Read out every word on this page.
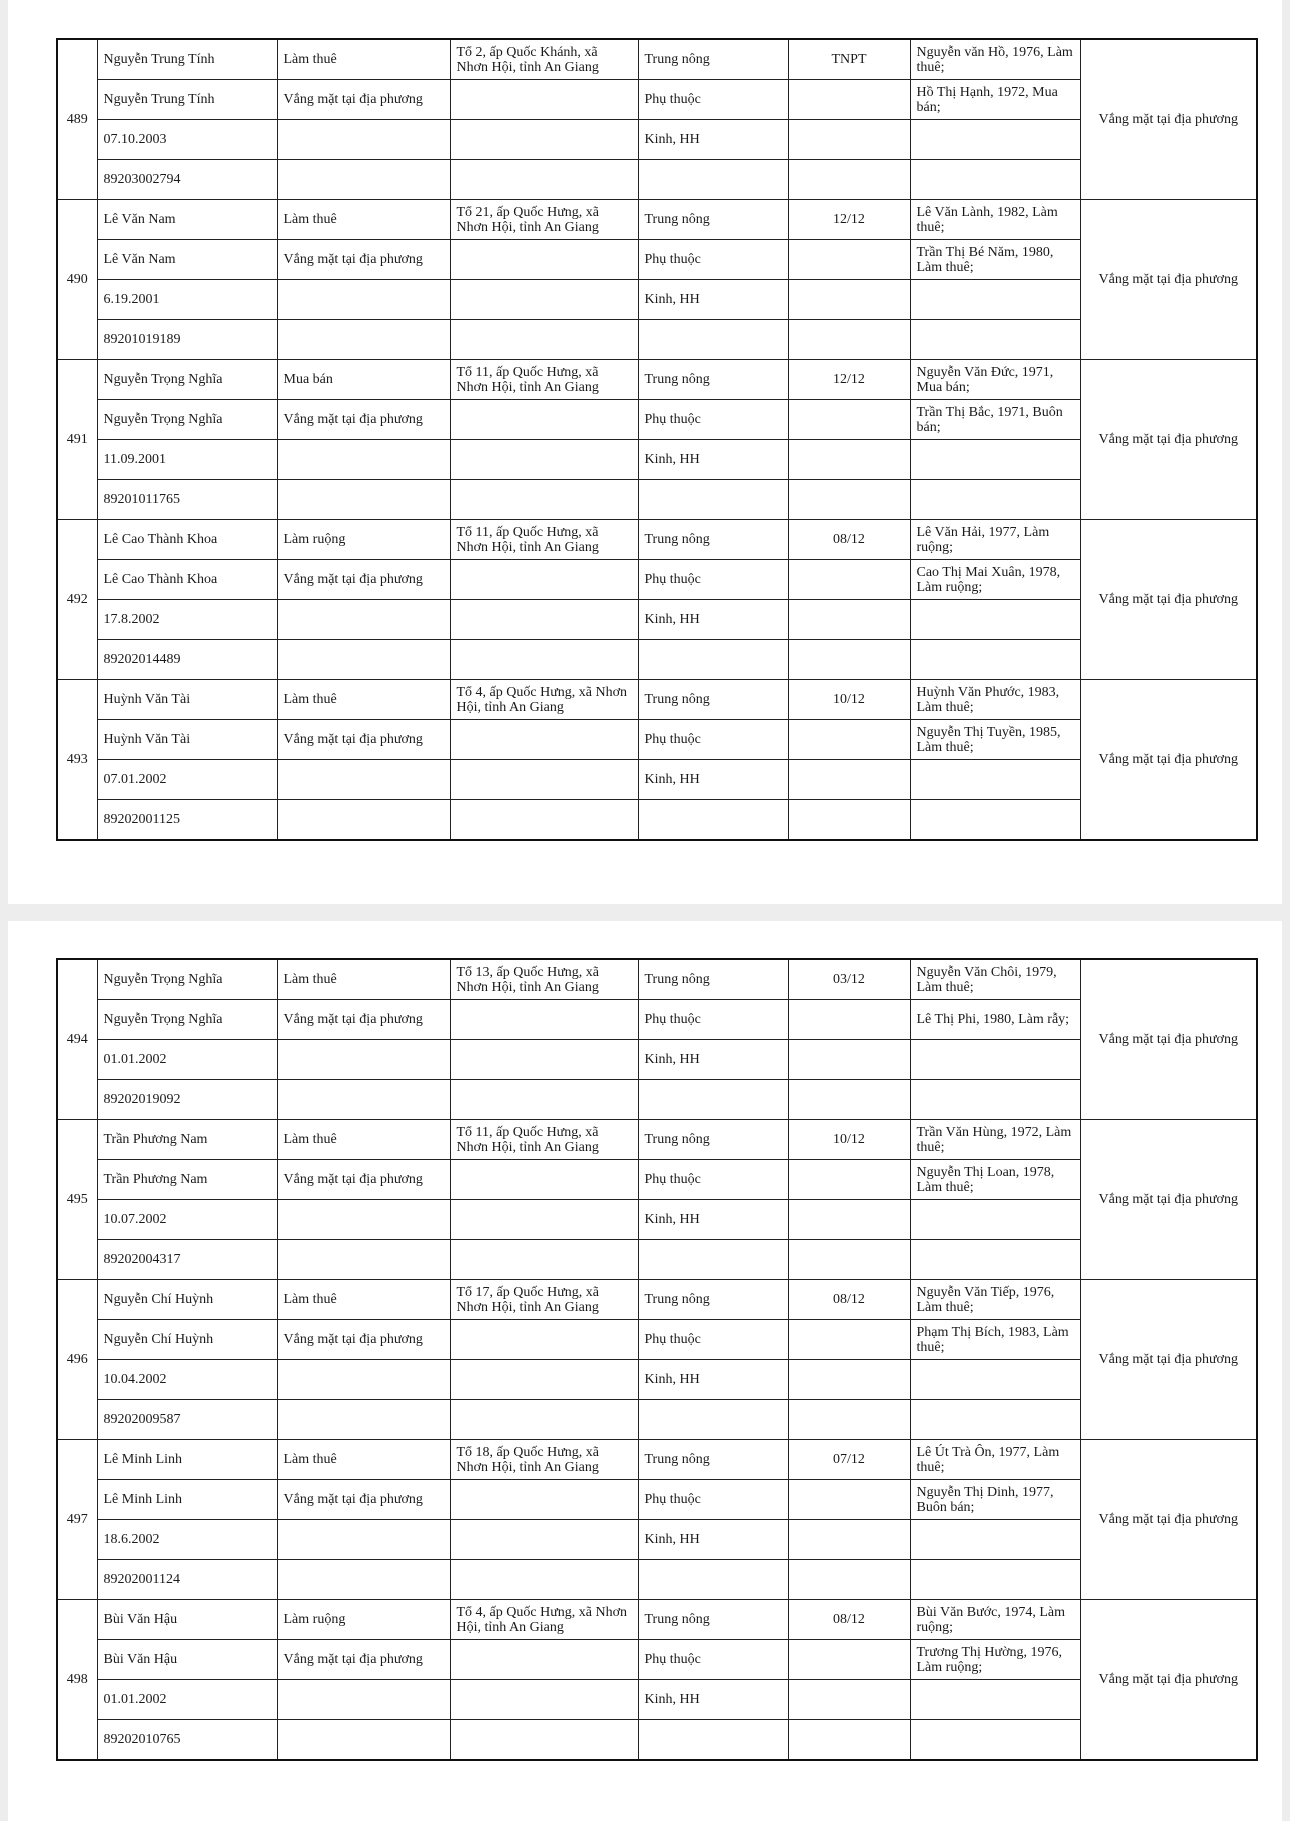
489	Nguyễn Trung Tính	Làm thuê	Tổ 2, ấp Quốc Khánh, xã Nhơn Hội, tỉnh An Giang	Trung nông	TNPT	Nguyễn văn Hồ, 1976, Làm thuê;	Vắng mặt tại địa phương
	Nguyễn Trung Tính	Vắng mặt tại địa phương		Phụ thuộc		Hồ Thị Hạnh, 1972, Mua bán;	
	07.10.2003			Kinh, HH			
	89203002794						
490	Lê Văn Nam	Làm thuê	Tổ 21, ấp Quốc Hưng, xã Nhơn Hội, tỉnh An Giang	Trung nông	12/12	Lê Văn Lành, 1982, Làm thuê;	Vắng mặt tại địa phương
	Lê Văn Nam	Vắng mặt tại địa phương		Phụ thuộc		Trần Thị Bé Năm, 1980, Làm thuê;	
	6.19.2001			Kinh, HH			
	89201019189						
491	Nguyễn Trọng Nghĩa	Mua bán	Tổ 11, ấp Quốc Hưng, xã Nhơn Hội, tỉnh An Giang	Trung nông	12/12	Nguyễn Văn Đức, 1971, Mua bán;	Vắng mặt tại địa phương
	Nguyễn Trọng Nghĩa	Vắng mặt tại địa phương		Phụ thuộc		Trần Thị Bắc, 1971, Buôn bán;	
	11.09.2001			Kinh, HH			
	89201011765						
492	Lê Cao Thành Khoa	Làm ruộng	Tổ 11, ấp Quốc Hưng, xã Nhơn Hội, tỉnh An Giang	Trung nông	08/12	Lê Văn Hải, 1977, Làm ruộng;	Vắng mặt tại địa phương
	Lê Cao Thành Khoa	Vắng mặt tại địa phương		Phụ thuộc		Cao Thị Mai Xuân, 1978, Làm ruộng;	
	17.8.2002			Kinh, HH			
	89202014489						
493	Huỳnh Văn Tài	Làm thuê	Tổ 4, ấp Quốc Hưng, xã Nhơn Hội, tỉnh An Giang	Trung nông	10/12	Huỳnh Văn Phước, 1983, Làm thuê;	Vắng mặt tại địa phương
	Huỳnh Văn Tài	Vắng mặt tại địa phương		Phụ thuộc		Nguyễn Thị Tuyền, 1985, Làm thuê;	
	07.01.2002			Kinh, HH			
	89202001125						
494	Nguyễn Trọng Nghĩa	Làm thuê	Tổ 13, ấp Quốc Hưng, xã Nhơn Hội, tỉnh An Giang	Trung nông	03/12	Nguyễn Văn Chôi, 1979, Làm thuê;	Vắng mặt tại địa phương
	Nguyễn Trọng Nghĩa	Vắng mặt tại địa phương		Phụ thuộc		Lê Thị Phi, 1980, Làm rẫy;	
	01.01.2002			Kinh, HH			
	89202019092						
495	Trần Phương Nam	Làm thuê	Tổ 11, ấp Quốc Hưng, xã Nhơn Hội, tỉnh An Giang	Trung nông	10/12	Trần Văn Hùng, 1972, Làm thuê;	Vắng mặt tại địa phương
	Trần Phương Nam	Vắng mặt tại địa phương		Phụ thuộc		Nguyễn Thị Loan, 1978, Làm thuê;	
	10.07.2002			Kinh, HH			
	89202004317						
496	Nguyễn Chí Huỳnh	Làm thuê	Tổ 17, ấp Quốc Hưng, xã Nhơn Hội, tỉnh An Giang	Trung nông	08/12	Nguyễn Văn Tiếp, 1976, Làm thuê;	Vắng mặt tại địa phương
	Nguyễn Chí Huỳnh	Vắng mặt tại địa phương		Phụ thuộc		Phạm Thị Bích, 1983, Làm thuê;	
	10.04.2002			Kinh, HH			
	89202009587						
497	Lê Minh Linh	Làm thuê	Tổ 18, ấp Quốc Hưng, xã Nhơn Hội, tỉnh An Giang	Trung nông	07/12	Lê Út Trà Ôn, 1977, Làm thuê;	Vắng mặt tại địa phương
	Lê Minh Linh	Vắng mặt tại địa phương		Phụ thuộc		Nguyễn Thị Dinh, 1977, Buôn bán;	
	18.6.2002			Kinh, HH			
	89202001124						
498	Bùi Văn Hậu	Làm ruộng	Tổ 4, ấp Quốc Hưng, xã Nhơn Hội, tỉnh An Giang	Trung nông	08/12	Bùi Văn Bước, 1974, Làm ruộng;	Vắng mặt tại địa phương
	Bùi Văn Hậu	Vắng mặt tại địa phương		Phụ thuộc		Trương Thị Hường, 1976, Làm ruộng;	
	01.01.2002			Kinh, HH			
	89202010765						
